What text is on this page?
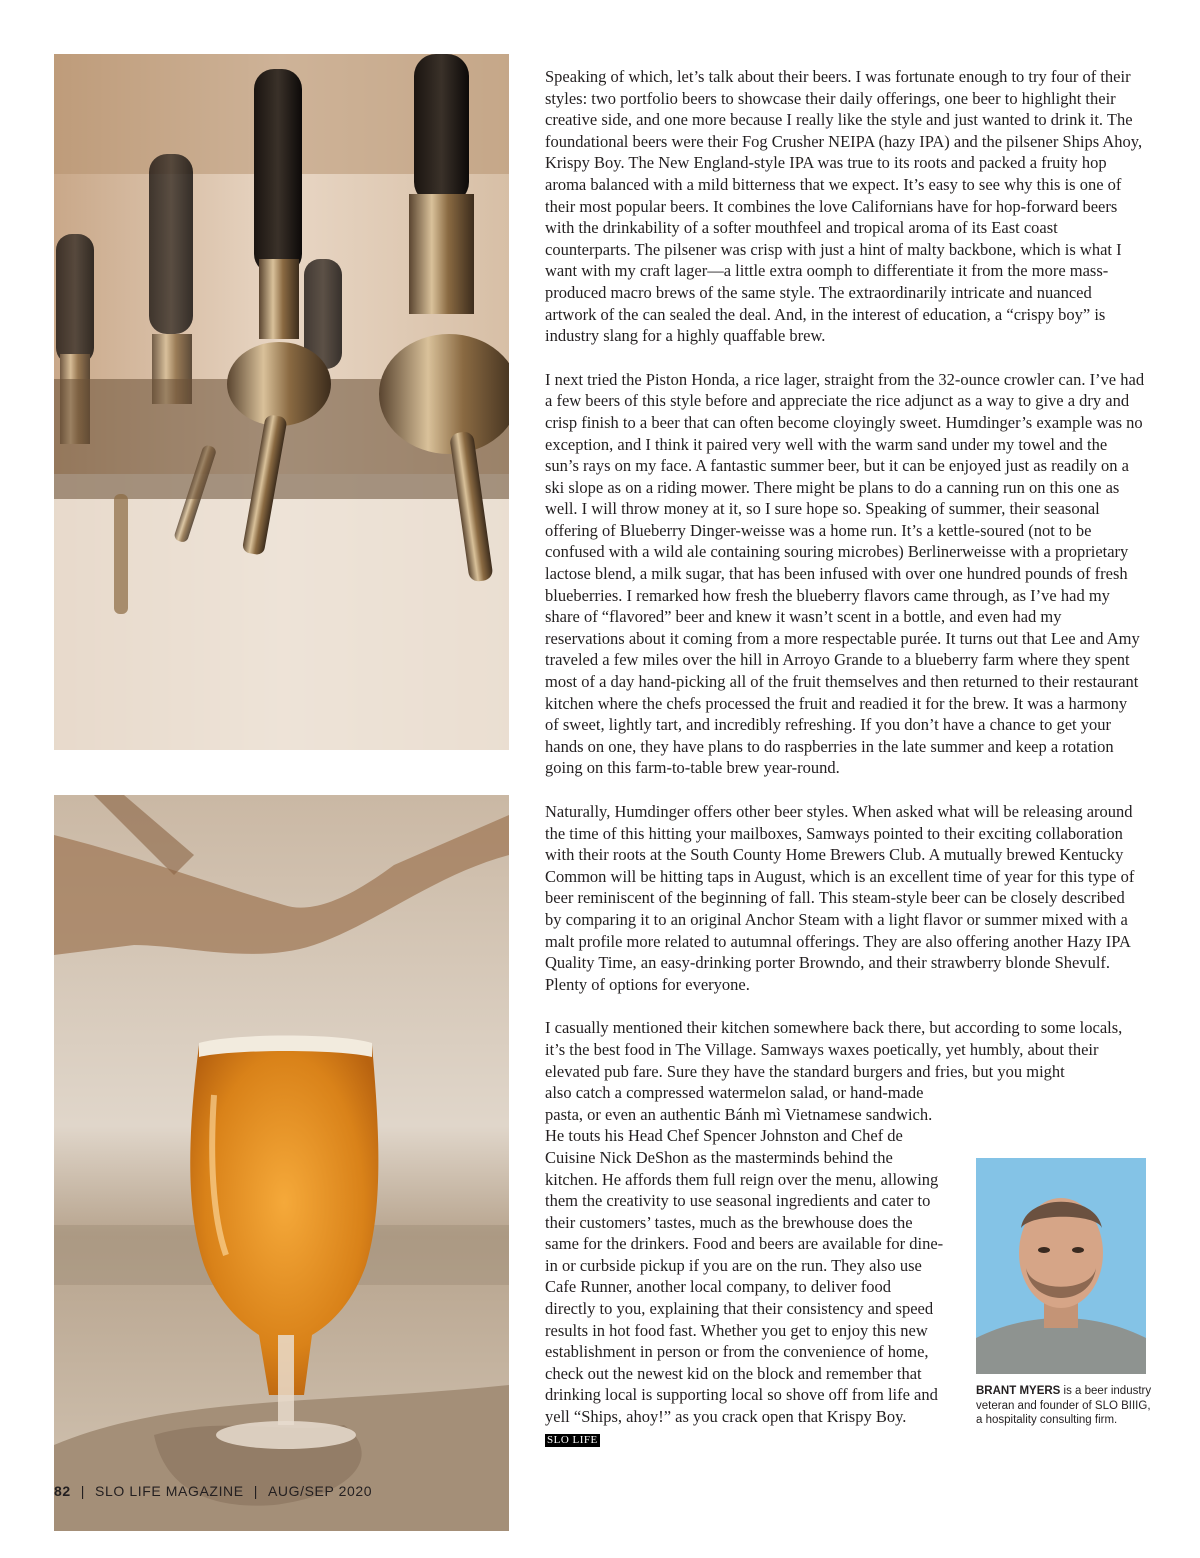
Speaking of which, let’s talk about their beers. I was fortunate enough to try four of their styles: two portfolio beers to showcase their daily offerings, one beer to highlight their creative side, and one more because I really like the style and just wanted to drink it. The foundational beers were their Fog Crusher NEIPA (hazy IPA) and the pilsener Ships Ahoy, Krispy Boy. The New England-style IPA was true to its roots and packed a fruity hop aroma balanced with a mild bitterness that we expect. It’s easy to see why this is one of their most popular beers. It combines the love Californians have for hop-forward beers with the drinkability of a softer mouthfeel and tropical aroma of its East coast counterparts. The pilsener was crisp with just a hint of malty backbone, which is what I want with my craft lager—a little extra oomph to differentiate it from the more mass-produced macro brews of the same style. The extraordinarily intricate and nuanced artwork of the can sealed the deal. And, in the interest of education, a “crispy boy” is industry slang for a highly quaffable brew.

I next tried the Piston Honda, a rice lager, straight from the 32-ounce crowler can. I’ve had a few beers of this style before and appreciate the rice adjunct as a way to give a dry and crisp finish to a beer that can often become cloyingly sweet. Humdinger’s example was no exception, and I think it paired very well with the warm sand under my towel and the sun’s rays on my face. A fantastic summer beer, but it can be enjoyed just as readily on a ski slope as on a riding mower. There might be plans to do a canning run on this one as well. I will throw money at it, so I sure hope so. Speaking of summer, their seasonal offering of Blueberry Dinger-weisse was a home run. It’s a kettle-soured (not to be confused with a wild ale containing souring microbes) Berlinerweisse with a proprietary lactose blend, a milk sugar, that has been infused with over one hundred pounds of fresh blueberries. I remarked how fresh the blueberry flavors came through, as I’ve had my share of “flavored” beer and knew it wasn’t scent in a bottle, and even had my reservations about it coming from a more respectable purée. It turns out that Lee and Amy traveled a few miles over the hill in Arroyo Grande to a blueberry farm where they spent most of a day hand-picking all of the fruit themselves and then returned to their restaurant kitchen where the chefs processed the fruit and readied it for the brew. It was a harmony of sweet, lightly tart, and incredibly refreshing. If you don’t have a chance to get your hands on one, they have plans to do raspberries in the late summer and keep a rotation going on this farm-to-table brew year-round.

Naturally, Humdinger offers other beer styles. When asked what will be releasing around the time of this hitting your mailboxes, Samways pointed to their exciting collaboration with their roots at the South County Home Brewers Club. A mutually brewed Kentucky Common will be hitting taps in August, which is an excellent time of year for this type of beer reminiscent of the beginning of fall. This steam-style beer can be closely described by comparing it to an original Anchor Steam with a light flavor or summer mixed with a malt profile more related to autumnal offerings. They are also offering another Hazy IPA Quality Time, an easy-drinking porter Browndo, and their strawberry blonde Shevulf. Plenty of options for everyone.

I casually mentioned their kitchen somewhere back there, but according to some locals, it’s the best food in The Village. Samways waxes poetically, yet humbly, about their elevated pub fare. Sure they have the standard burgers and fries, but you might

also catch a compressed watermelon salad, or hand-made pasta, or even an authentic Bánh mì Vietnamese sandwich. He touts his Head Chef Spencer Johnston and Chef de Cuisine Nick DeShon as the masterminds behind the kitchen. He affords them full reign over the menu, allowing them the creativity to use seasonal ingredients and cater to their customers’ tastes, much as the brewhouse does the same for the drinkers. Food and beers are available for dine-in or curbside pickup if you are on the run. They also use Cafe Runner, another local company, to deliver food directly to you, explaining that their consistency and speed results in hot food fast. Whether you get to enjoy this new establishment in person or from the convenience of home, check out the newest kid on the block and remember that drinking local is supporting local so shove off from life and yell “Ships, ahoy!” as you crack open that Krispy Boy. SLO LIFE

BRANT MYERS is a beer industry veteran and founder of SLO BIIIG, a hospitality consulting firm.
82 | SLO LIFE MAGAZINE | AUG/SEP 2020
